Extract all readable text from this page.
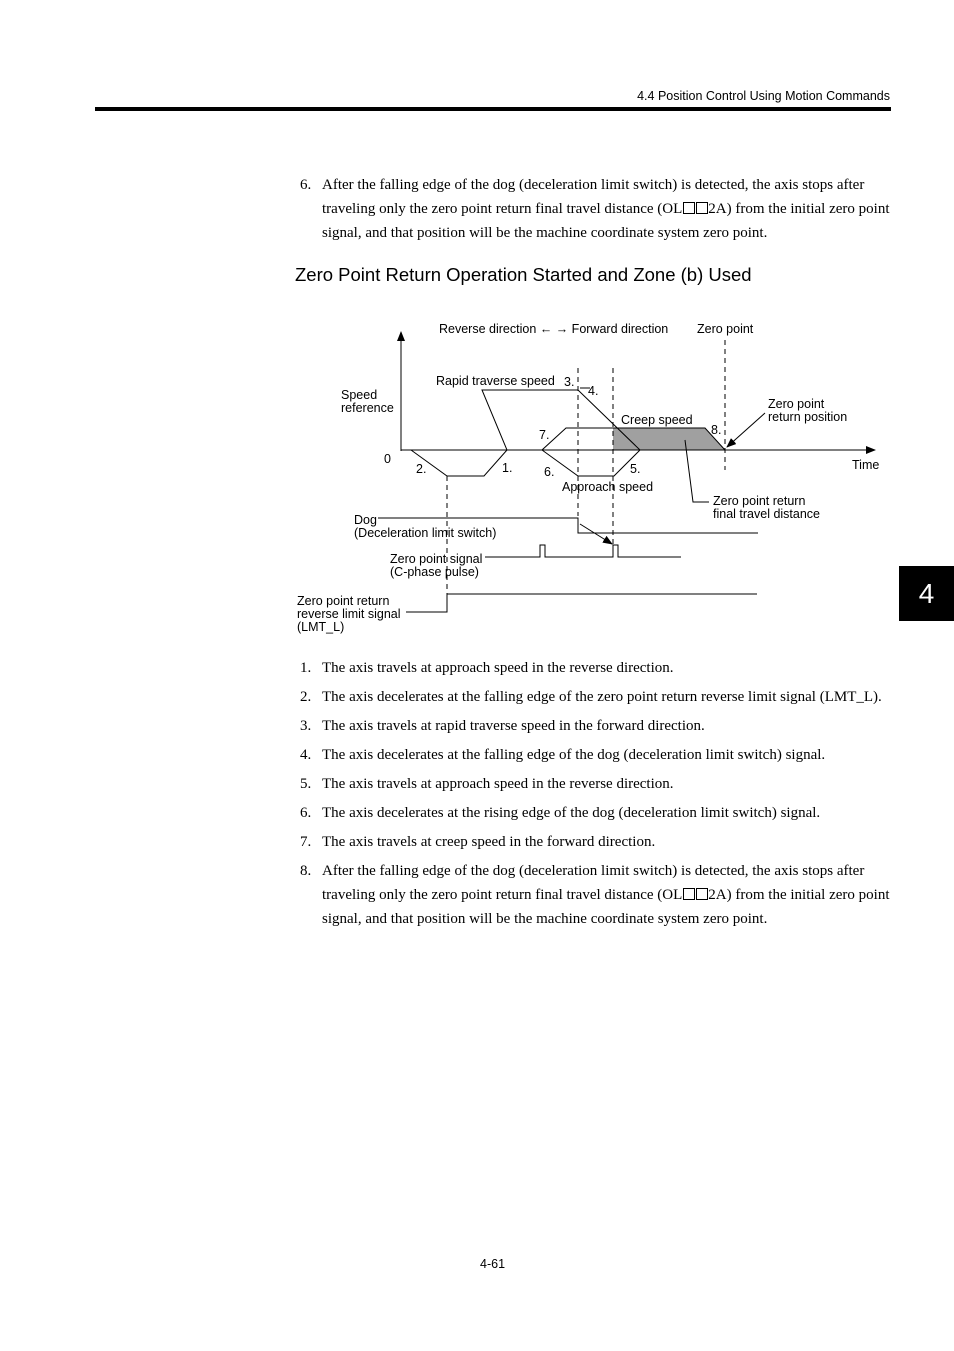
4.4 Position Control Using Motion Commands
6. After the falling edge of the dog (deceleration limit switch) is detected, the axis stops after traveling only the zero point return final travel distance (OL 2A) from the initial zero point signal, and that position will be the machine coordinate system zero point.
Zero Point Return Operation Started and Zone (b) Used
Reverse direction ← → Forward direction Zero point
Speed
reference
0	Time
Rapid traverse speed
Creep speed
Approach speed
Zero point
return position
Zero point return
final travel distance
Dog
(Deceleration limit switch)
Zero point signal
(C-phase pulse)
Zero point return
reverse limit signal
(LMT_L)
1.
2.
3.
4.
5.
6.
7.	8.
1. The axis travels at approach speed in the reverse direction.
2. The axis decelerates at the falling edge of the zero point return reverse limit signal (LMT_L).
3. The axis travels at rapid traverse speed in the forward direction.
4. The axis decelerates at the falling edge of the dog (deceleration limit switch) signal.
5. The axis travels at approach speed in the reverse direction.
6. The axis decelerates at the rising edge of the dog (deceleration limit switch) signal.
7. The axis travels at creep speed in the forward direction.
8. After the falling edge of the dog (deceleration limit switch) is detected, the axis stops after traveling only the zero point return final travel distance (OL 2A) from the initial zero point signal, and that position will be the machine coordinate system zero point.
4
4-61
